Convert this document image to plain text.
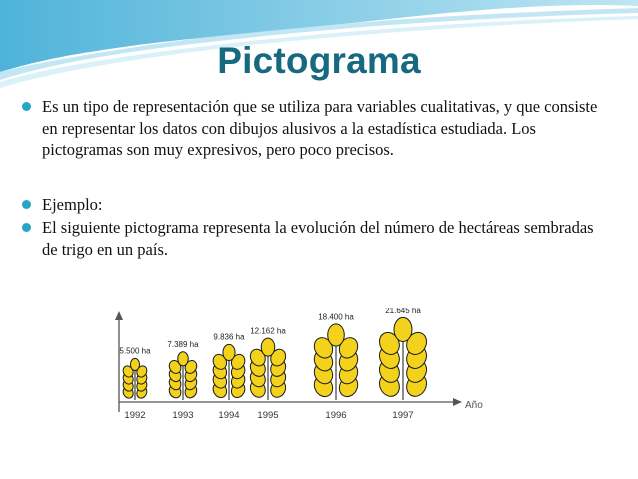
Pictograma
Es un tipo de representación que se utiliza para variables cualitativas, y que consiste en representar los datos con dibujos alusivos a la estadística estudiada. Los pictogramas son muy expresivos, pero poco precisos.
Ejemplo:
El siguiente pictograma representa la evolución del número de hectáreas sembradas de trigo en un país.
Año
5.500 ha
1992
7.389 ha
1993
9.836 ha
1994
12.162 ha
1995
18.400 ha
1996
21.645 ha
1997
